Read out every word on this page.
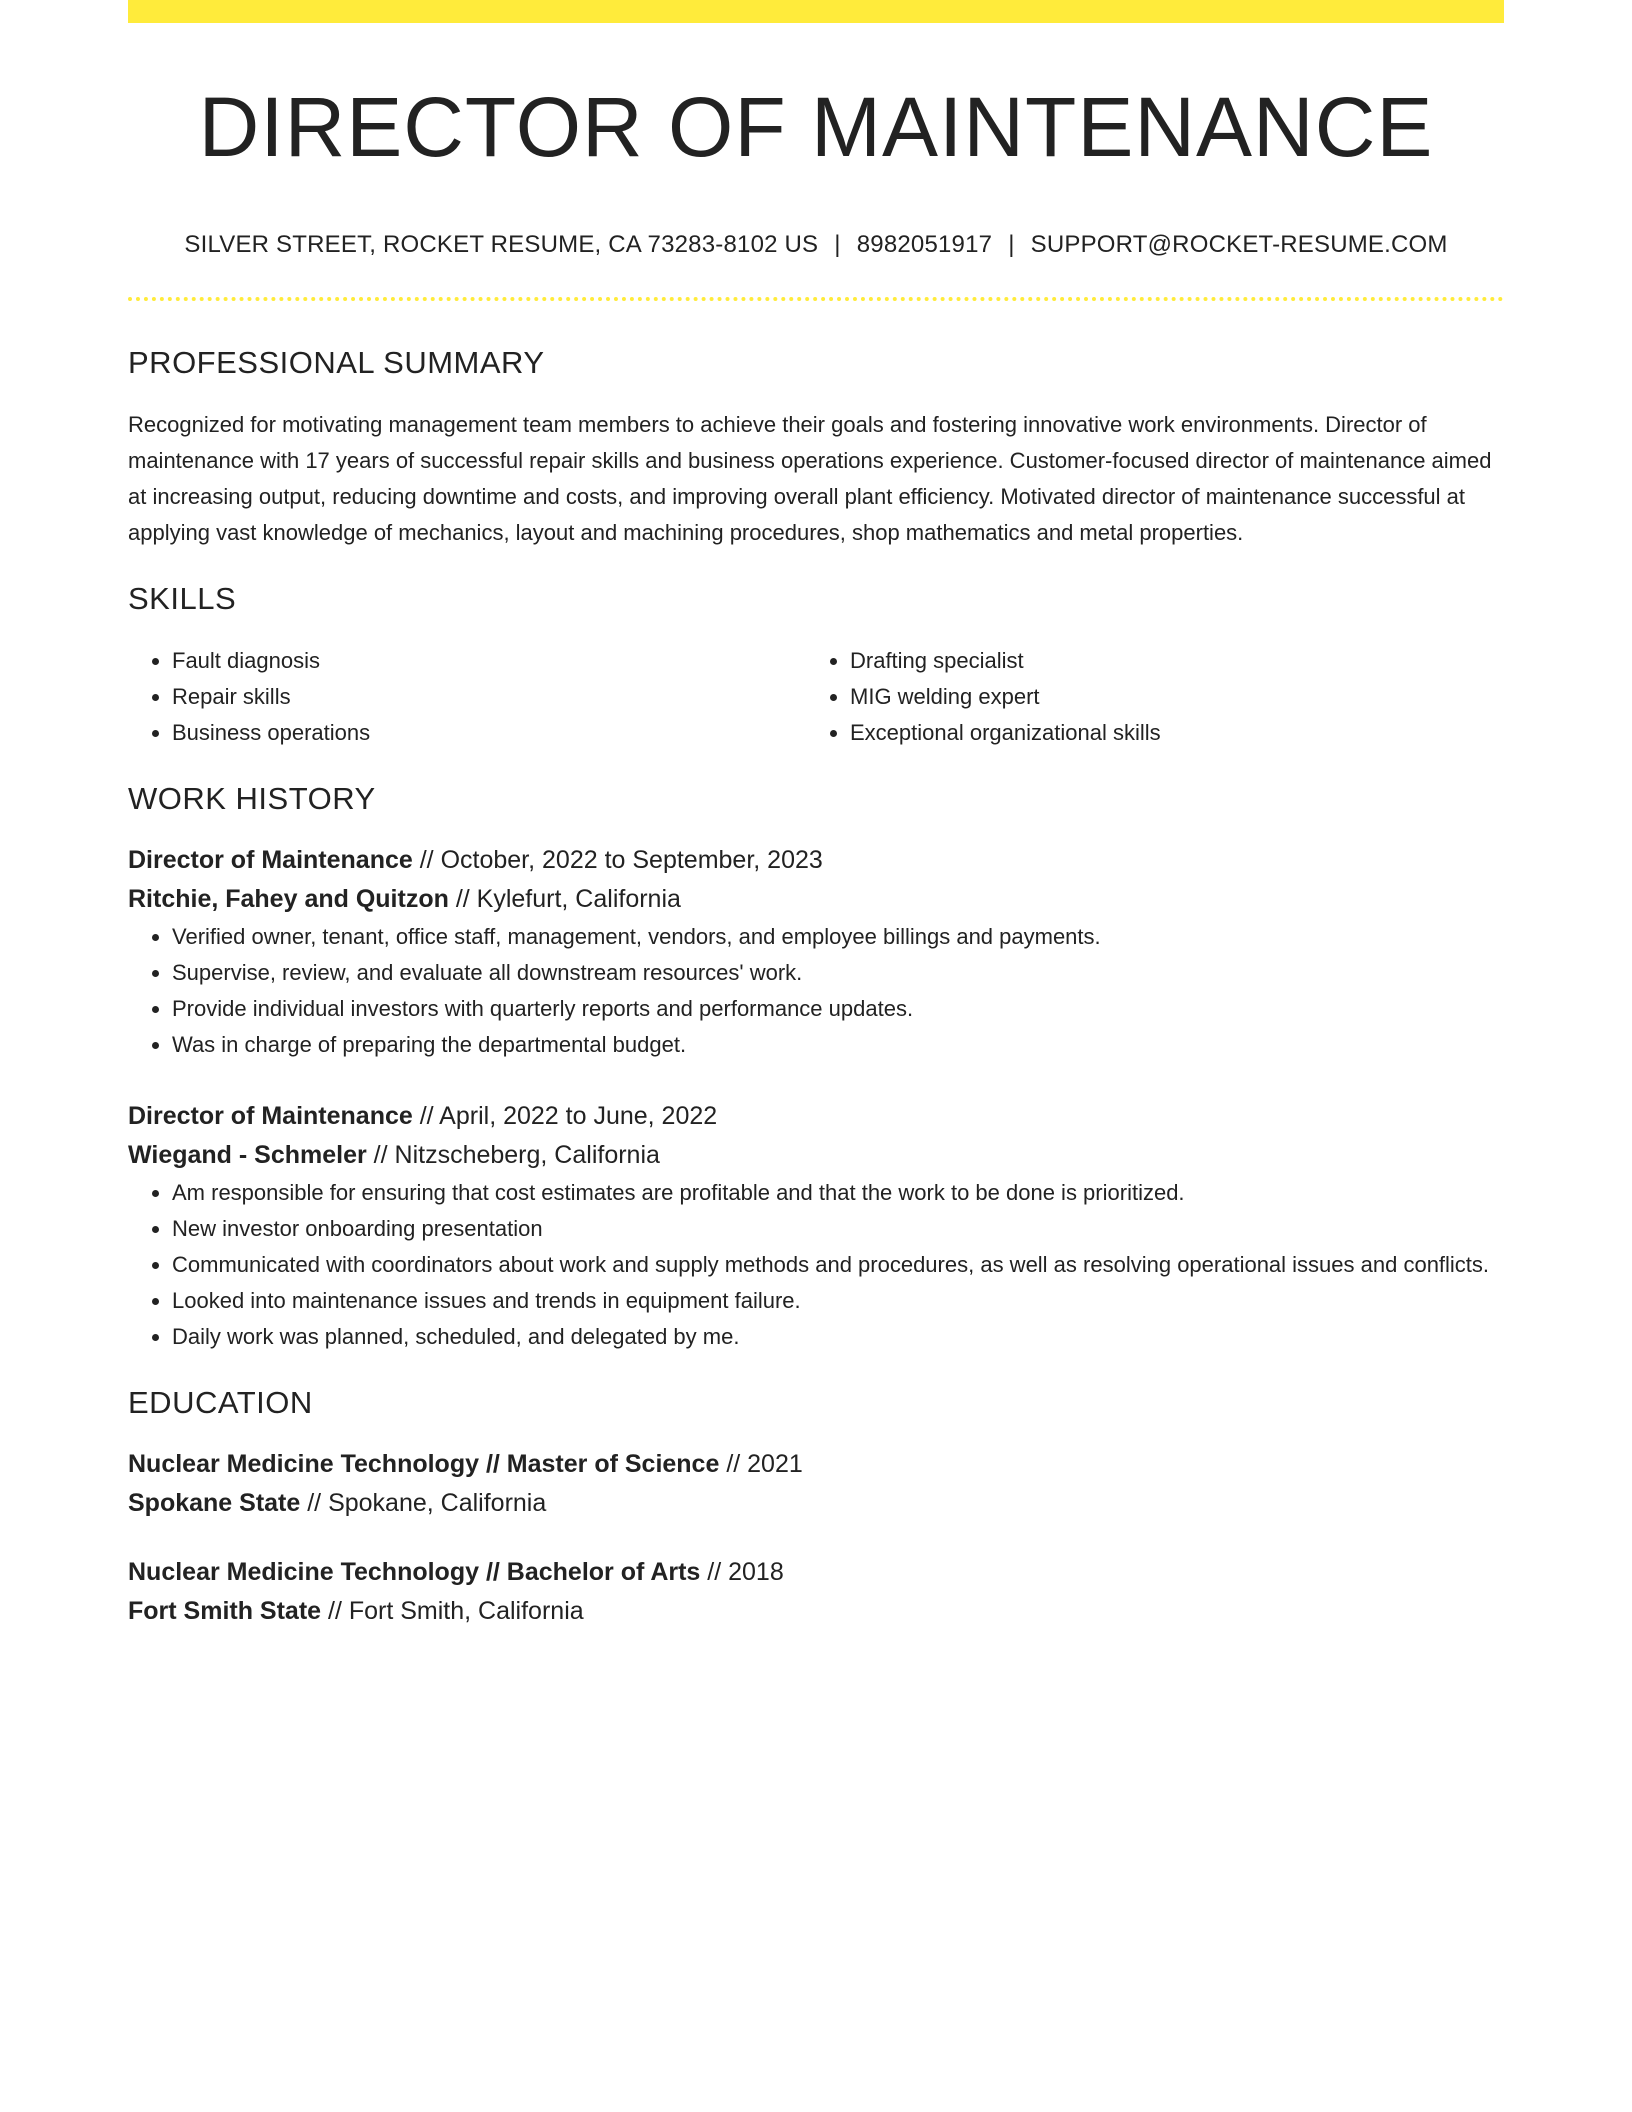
DIRECTOR OF MAINTENANCE
SILVER STREET, ROCKET RESUME, CA 73283-8102 US | 8982051917 | SUPPORT@ROCKET-RESUME.COM
PROFESSIONAL SUMMARY

Recognized for motivating management team members to achieve their goals and fostering innovative work environments. Director of maintenance with 17 years of successful repair skills and business operations experience. Customer-focused director of maintenance aimed at increasing output, reducing downtime and costs, and improving overall plant efficiency. Motivated director of maintenance successful at applying vast knowledge of mechanics, layout and machining procedures, shop mathematics and metal properties.

SKILLS
• Fault diagnosis
• Repair skills
• Business operations
• Drafting specialist
• MIG welding expert
• Exceptional organizational skills
WORK HISTORY
Director of Maintenance // October, 2022 to September, 2023
Ritchie, Fahey and Quitzon // Kylefurt, California
• Verified owner, tenant, office staff, management, vendors, and employee billings and payments.
• Supervise, review, and evaluate all downstream resources' work.
• Provide individual investors with quarterly reports and performance updates.
• Was in charge of preparing the departmental budget.
Director of Maintenance // April, 2022 to June, 2022
Wiegand - Schmeler // Nitzscheberg, California
• Am responsible for ensuring that cost estimates are profitable and that the work to be done is prioritized.
• New investor onboarding presentation
• Communicated with coordinators about work and supply methods and procedures, as well as resolving operational issues and conflicts.
• Looked into maintenance issues and trends in equipment failure.
• Daily work was planned, scheduled, and delegated by me.
EDUCATION
Nuclear Medicine Technology // Master of Science // 2021
Spokane State // Spokane, California
Nuclear Medicine Technology // Bachelor of Arts // 2018
Fort Smith State // Fort Smith, California
